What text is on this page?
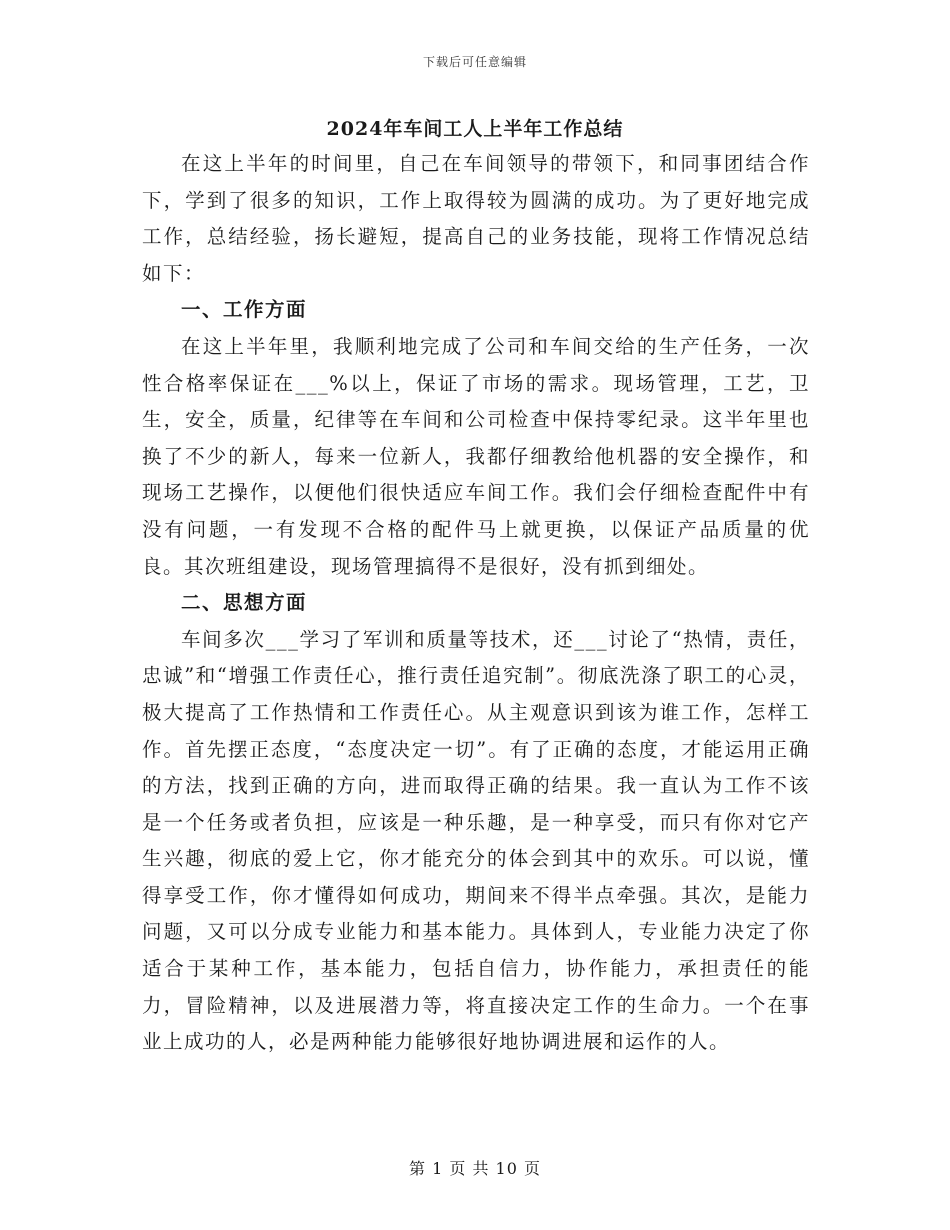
下载后可任意编辑
2024年车间工人上半年工作总结

在这上半年的时间里，自己在车间领导的带领下，和同事团结合作下，学到了很多的知识，工作上取得较为圆满的成功。为了更好地完成工作，总结经验，扬长避短，提高自己的业务技能，现将工作情况总结如下：

一、工作方面

在这上半年里，我顺利地完成了公司和车间交给的生产任务，一次性合格率保证在___%以上，保证了市场的需求。现场管理，工艺，卫生，安全，质量，纪律等在车间和公司检查中保持零纪录。这半年里也换了不少的新人，每来一位新人，我都仔细教给他机器的安全操作，和现场工艺操作，以便他们很快适应车间工作。我们会仔细检查配件中有没有问题，一有发现不合格的配件马上就更换，以保证产品质量的优良。其次班组建设，现场管理搞得不是很好，没有抓到细处。

二、思想方面

车间多次___学习了军训和质量等技术，还___讨论了“热情，责任，忠诚”和“增强工作责任心，推行责任追究制”。彻底洗涤了职工的心灵，极大提高了工作热情和工作责任心。从主观意识到该为谁工作，怎样工作。首先摆正态度，“态度决定一切”。有了正确的态度，才能运用正确的方法，找到正确的方向，进而取得正确的结果。我一直认为工作不该是一个任务或者负担，应该是一种乐趣，是一种享受，而只有你对它产生兴趣，彻底的爱上它，你才能充分的体会到其中的欢乐。可以说，懂得享受工作，你才懂得如何成功，期间来不得半点牵强。其次，是能力问题，又可以分成专业能力和基本能力。具体到人，专业能力决定了你适合于某种工作，基本能力，包括自信力，协作能力，承担责任的能力，冒险精神，以及进展潜力等，将直接决定工作的生命力。一个在事业上成功的人，必是两种能力能够很好地协调进展和运作的人。

第 1 页 共 10 页
